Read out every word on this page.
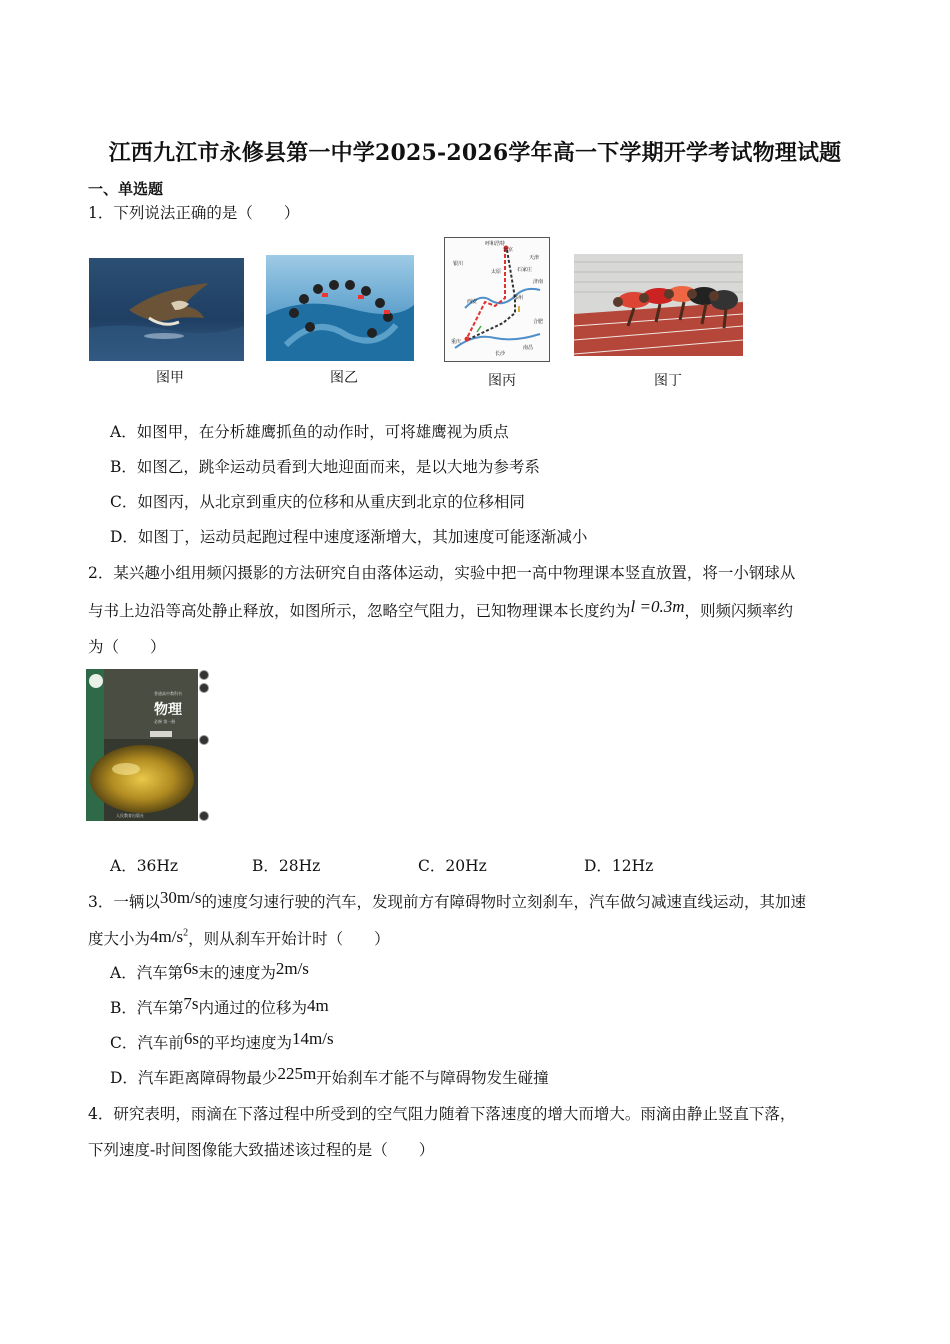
江西九江市永修县第一中学2025-2026学年高一下学期开学考试物理试题
一、单选题
1．下列说法正确的是（　　）
图甲	图乙
呼和浩特
北京
天津
银川
太原	石家庄
济南
西安
郑州
合肥
重庆
长沙
南昌
图丙	图丁
A．如图甲，在分析雄鹰抓鱼的动作时，可将雄鹰视为质点
B．如图乙，跳伞运动员看到大地迎面而来，是以大地为参考系
C．如图丙，从北京到重庆的位移和从重庆到北京的位移相同
D．如图丁，运动员起跑过程中速度逐渐增大，其加速度可能逐渐减小
2．某兴趣小组用频闪摄影的方法研究自由落体运动，实验中把一高中物理课本竖直放置，将一小钢球从
与书上边沿等高处静止释放，如图所示，忽略空气阻力，已知物理课本长度约为l =0.3m，则频闪频率约
为（　　）
普通高中教科书
物理
必修 第一册
人民教育出版社
A．36Hz	B．28Hz	C．20Hz	D．12Hz
3．一辆以30m/s的速度匀速行驶的汽车，发现前方有障碍物时立刻刹车，汽车做匀减速直线运动，其加速
度大小为$4m/s^2$，则从刹车开始计时（　　）
A．汽车第6s末的速度为2m/s
B．汽车第7s内通过的位移为4m
C．汽车前6s的平均速度为14m/s
D．汽车距离障碍物最少225m开始刹车才能不与障碍物发生碰撞
4．研究表明，雨滴在下落过程中所受到的空气阻力随着下落速度的增大而增大。雨滴由静止竖直下落，
下列速度-时间图像能大致描述该过程的是（　　）
